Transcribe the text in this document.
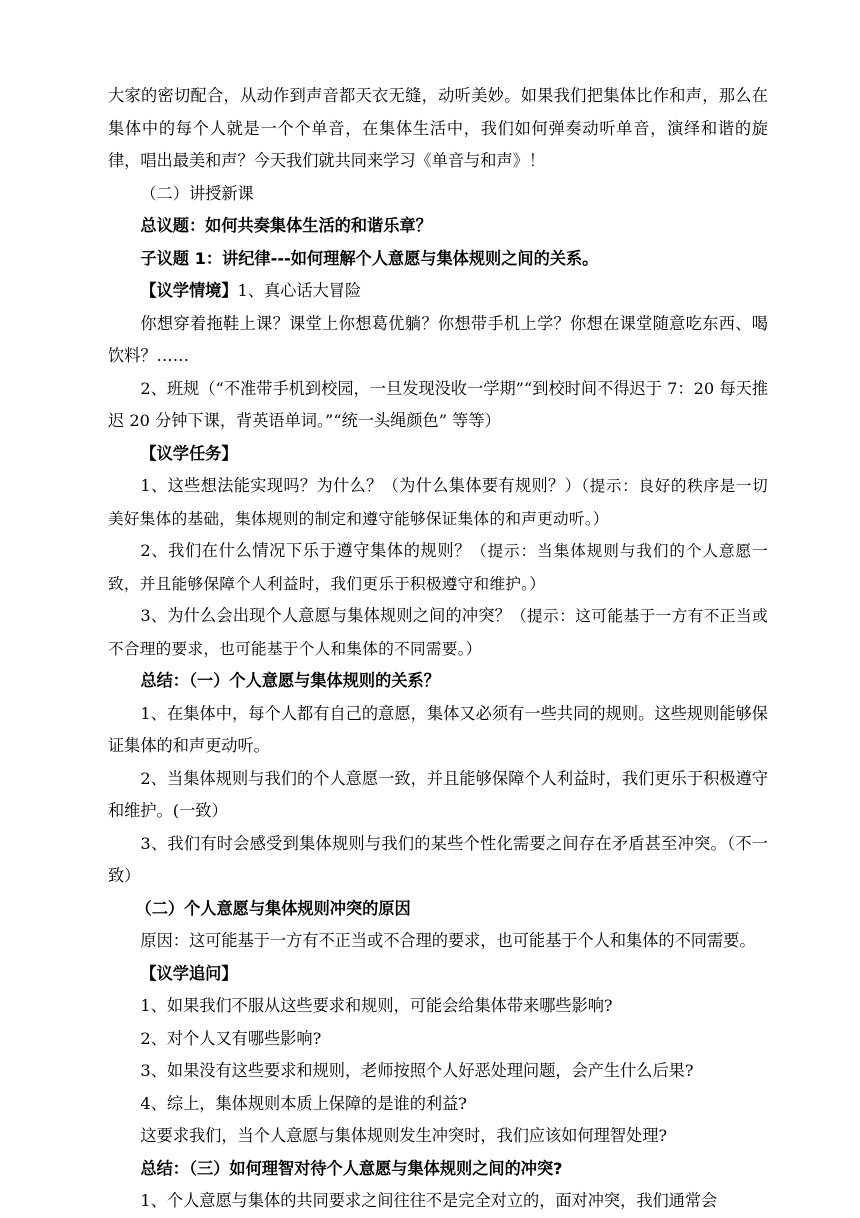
大家的密切配合，从动作到声音都天衣无缝，动听美妙。如果我们把集体比作和声，那么在集体中的每个人就是一个个单音，在集体生活中，我们如何弹奏动听单音，演绎和谐的旋律，唱出最美和声？今天我们就共同来学习《单音与和声》！

（二）讲授新课

总议题：如何共奏集体生活的和谐乐章？

子议题 1：讲纪律---如何理解个人意愿与集体规则之间的关系。

【议学情境】1、真心话大冒险

你想穿着拖鞋上课？课堂上你想葛优躺？你想带手机上学？你想在课堂随意吃东西、喝饮料？……

2、班规（“不准带手机到校园，一旦发现没收一学期”“到校时间不得迟于 7：20 每天推迟 20 分钟下课，背英语单词。”“统一头绳颜色” 等等）

【议学任务】

1、这些想法能实现吗？为什么？（为什么集体要有规则？）（提示：良好的秩序是一切美好集体的基础，集体规则的制定和遵守能够保证集体的和声更动听。）

2、我们在什么情况下乐于遵守集体的规则？（提示：当集体规则与我们的个人意愿一致，并且能够保障个人利益时，我们更乐于积极遵守和维护。）

3、为什么会出现个人意愿与集体规则之间的冲突？（提示：这可能基于一方有不正当或不合理的要求，也可能基于个人和集体的不同需要。）

总结：（一）个人意愿与集体规则的关系？

1、在集体中，每个人都有自己的意愿，集体又必须有一些共同的规则。这些规则能够保证集体的和声更动听。

2、当集体规则与我们的个人意愿一致，并且能够保障个人利益时，我们更乐于积极遵守和维护。(一致）

3、我们有时会感受到集体规则与我们的某些个性化需要之间存在矛盾甚至冲突。（不一致）

（二）个人意愿与集体规则冲突的原因

原因：这可能基于一方有不正当或不合理的要求，也可能基于个人和集体的不同需要。

【议学追问】

1、如果我们不服从这些要求和规则，可能会给集体带来哪些影响?

2、对个人又有哪些影响?

3、如果没有这些要求和规则，老师按照个人好恶处理问题，会产生什么后果?

4、综上，集体规则本质上保障的是谁的利益?

这要求我们，当个人意愿与集体规则发生冲突时，我们应该如何理智处理?

总结：（三）如何理智对待个人意愿与集体规则之间的冲突?

1、个人意愿与集体的共同要求之间往往不是完全对立的，面对冲突，我们通常会
